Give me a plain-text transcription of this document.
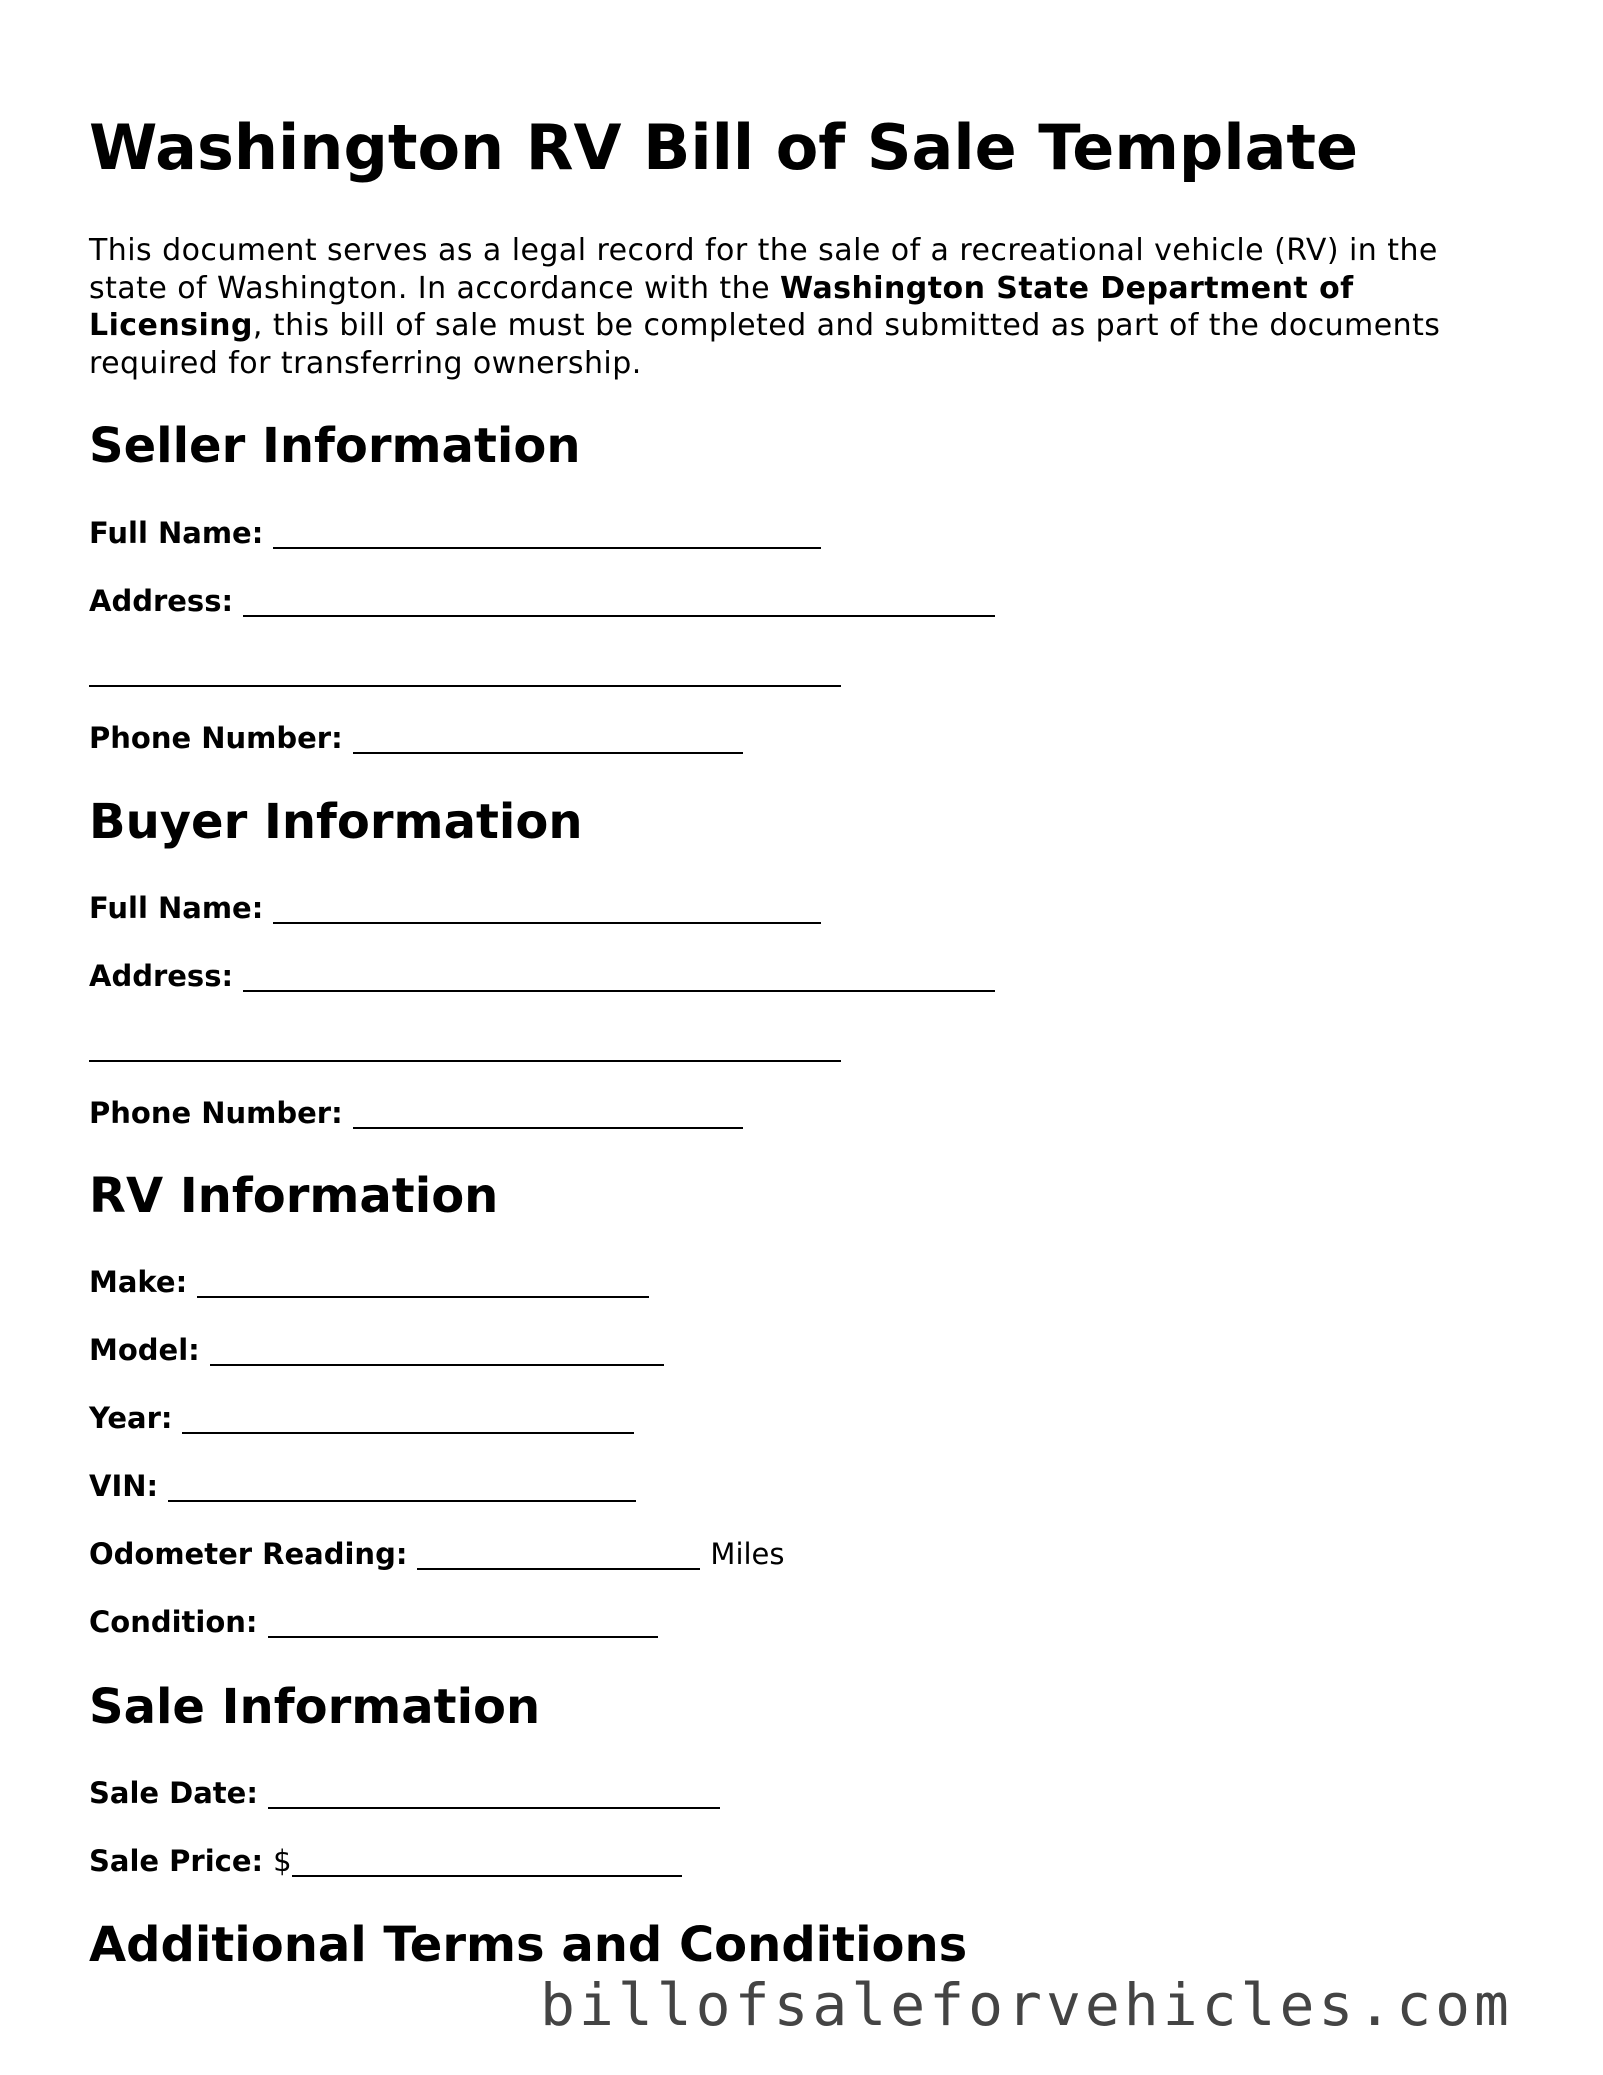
Washington RV Bill of Sale Template

This document serves as a legal record for the sale of a recreational vehicle (RV) in the state of Washington. In accordance with the Washington State Department of Licensing, this bill of sale must be completed and submitted as part of the documents required for transferring ownership.

Seller Information
Full Name:
Address:
Phone Number:
Buyer Information
Full Name:
Address:
Phone Number:
RV Information
Make:
Model:
Year:
VIN:
Odometer Reading:	Miles
Condition:
Sale Information
Sale Date:
Sale Price: $
Additional Terms and Conditions
billofsaleforvehicles.com
